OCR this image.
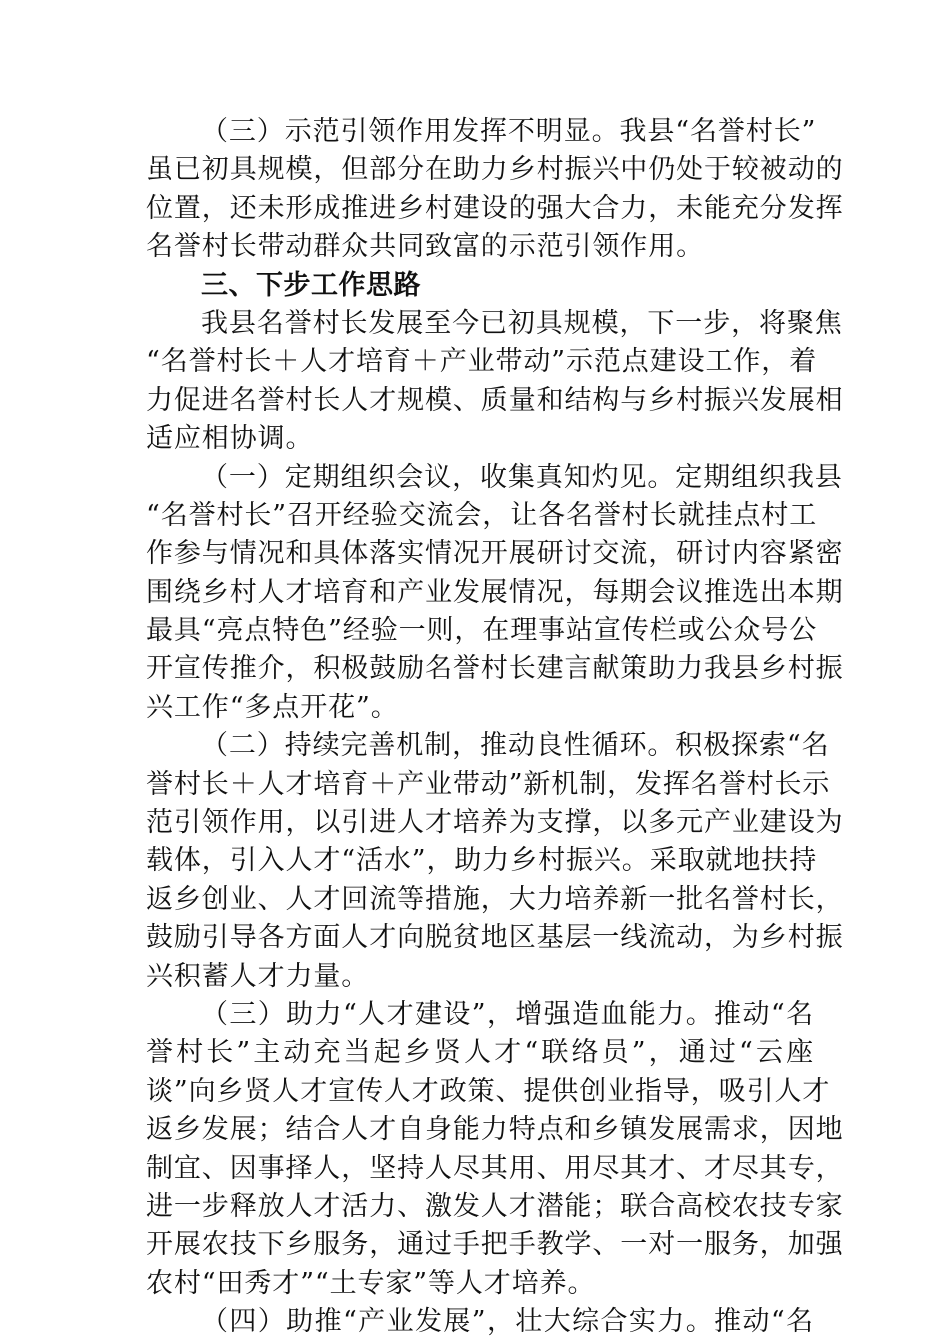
（三）示范引领作用发挥不明显。我县“名誉村长”
虽已初具规模，但部分在助力乡村振兴中仍处于较被动的
位置，还未形成推进乡村建设的强大合力，未能充分发挥
名誉村长带动群众共同致富的示范引领作用。
三、下步工作思路
我县名誉村长发展至今已初具规模，下一步，将聚焦
“名誉村长＋人才培育＋产业带动”示范点建设工作，着
力促进名誉村长人才规模、质量和结构与乡村振兴发展相
适应相协调。
（一）定期组织会议，收集真知灼见。定期组织我县
“名誉村长”召开经验交流会，让各名誉村长就挂点村工
作参与情况和具体落实情况开展研讨交流，研讨内容紧密
围绕乡村人才培育和产业发展情况，每期会议推选出本期
最具“亮点特色”经验一则，在理事站宣传栏或公众号公
开宣传推介，积极鼓励名誉村长建言献策助力我县乡村振
兴工作“多点开花”。
（二）持续完善机制，推动良性循环。积极探索“名
誉村长＋人才培育＋产业带动”新机制，发挥名誉村长示
范引领作用，以引进人才培养为支撑，以多元产业建设为
载体，引入人才“活水”，助力乡村振兴。采取就地扶持
返乡创业、人才回流等措施，大力培养新一批名誉村长，
鼓励引导各方面人才向脱贫地区基层一线流动，为乡村振
兴积蓄人才力量。
（三）助力“人才建设”，增强造血能力。推动“名
誉村长”主动充当起乡贤人才“联络员”，通过“云座
谈”向乡贤人才宣传人才政策、提供创业指导，吸引人才
返乡发展；结合人才自身能力特点和乡镇发展需求，因地
制宜、因事择人，坚持人尽其用、用尽其才、才尽其专，
进一步释放人才活力、激发人才潜能；联合高校农技专家
开展农技下乡服务，通过手把手教学、一对一服务，加强
农村“田秀才”“土专家”等人才培养。
（四）助推“产业发展”，壮大综合实力。推动“名
